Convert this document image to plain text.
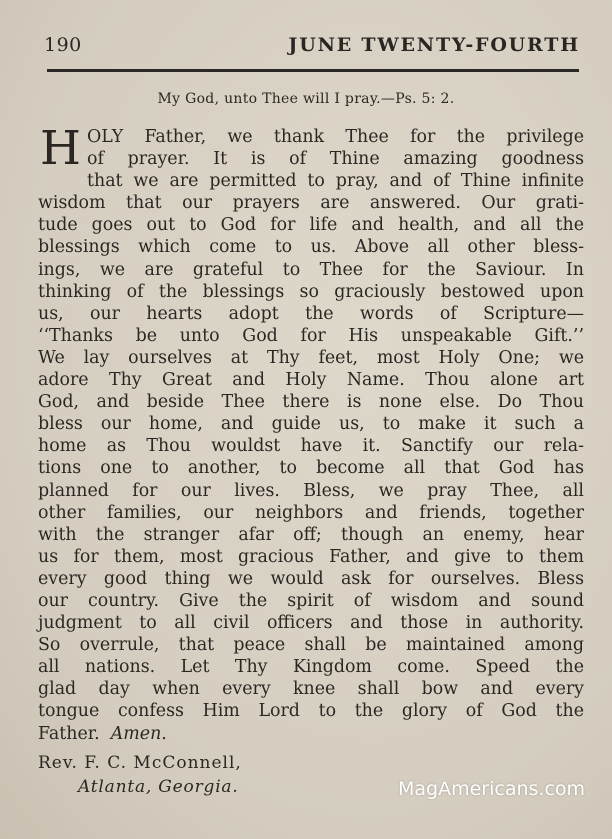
190	JUNE TWENTY-FOURTH
My God, unto Thee will I pray.—Ps. 5: 2.
H OLY Father, we thank Thee for the privilege
of prayer. It is of Thine amazing goodness
that we are permitted to pray, and of Thine infinite
wisdom that our prayers are answered. Our grati-
tude goes out to God for life and health, and all the
blessings which come to us. Above all other bless-
ings, we are grateful to Thee for the Saviour. In
thinking of the blessings so graciously bestowed upon
us, our hearts adopt the words of Scripture—
‘‘Thanks be unto God for His unspeakable Gift.’’
We lay ourselves at Thy feet, most Holy One; we
adore Thy Great and Holy Name. Thou alone art
God, and beside Thee there is none else. Do Thou
bless our home, and guide us, to make it such a
home as Thou wouldst have it. Sanctify our rela-
tions one to another, to become all that God has
planned for our lives. Bless, we pray Thee, all
other families, our neighbors and friends, together
with the stranger afar off; though an enemy, hear
us for them, most gracious Father, and give to them
every good thing we would ask for ourselves. Bless
our country. Give the spirit of wisdom and sound
judgment to all civil officers and those in authority.
So overrule, that peace shall be maintained among
all nations. Let Thy Kingdom come. Speed the
glad day when every knee shall bow and every
tongue confess Him Lord to the glory of God the
Father. Amen.
Rev. F. C. McConnell,
Atlanta, Georgia.	MagAmericans.com
